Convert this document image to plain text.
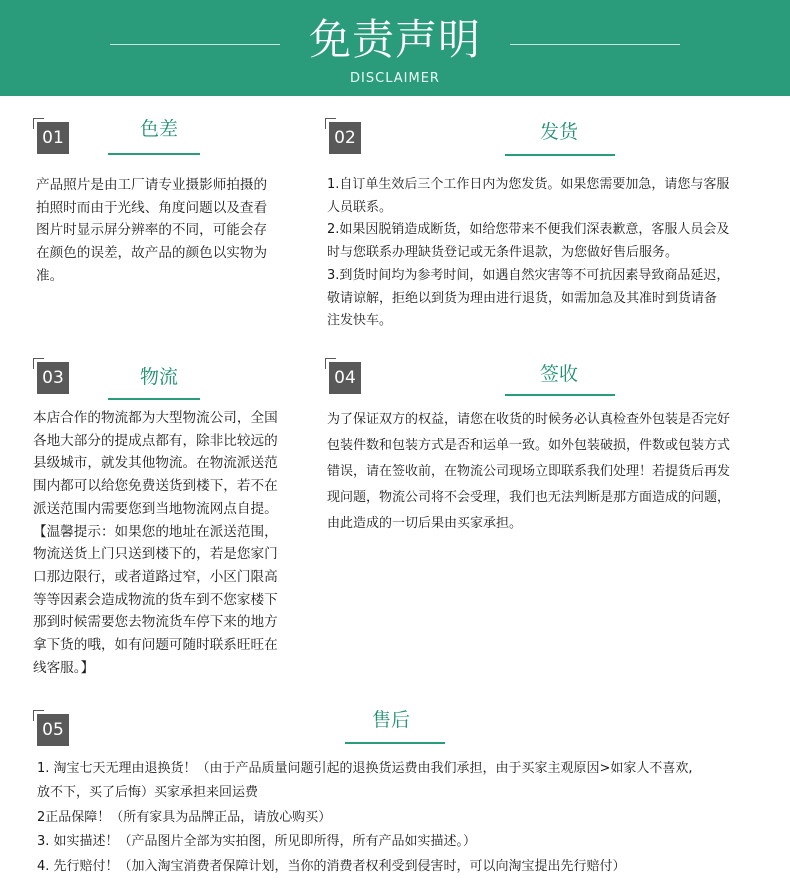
免责声明
DISCLAIMER
01	色差

产品照片是由工厂请专业摄影师拍摄的

拍照时而由于光线、角度问题以及查看

图片时显示屏分辨率的不同，可能会存

在颜色的误差，故产品的颜色以实物为

准。

02	发货

1.自订单生效后三个工作日内为您发货。如果您需要加急，请您与客服

人员联系。

2.如果因脱销造成断货，如给您带来不便我们深表歉意，客服人员会及

时与您联系办理缺货登记或无条件退款，为您做好售后服务。

3.到货时间均为参考时间，如遇自然灾害等不可抗因素导致商品延迟，

敬请谅解，拒绝以到货为理由进行退货，如需加急及其准时到货请备

注发快车。

03	物流

本店合作的物流都为大型物流公司，全国

各地大部分的提成点都有，除非比较远的

县级城市，就发其他物流。在物流派送范

围内都可以给您免费送货到楼下，若不在

派送范围内需要您到当地物流网点自提。

【温馨提示：如果您的地址在派送范围，

物流送货上门只送到楼下的，若是您家门

口那边限行，或者道路过窄，小区门限高

等等因素会造成物流的货车到不您家楼下

那到时候需要您去物流货车停下来的地方

拿下货的哦，如有问题可随时联系旺旺在

线客服。】

04	签收

为了保证双方的权益，请您在收货的时候务必认真检查外包装是否完好

包装件数和包装方式是否和运单一致。如外包装破损，件数或包装方式

错误，请在签收前，在物流公司现场立即联系我们处理！若提货后再发

现问题，物流公司将不会受理，我们也无法判断是那方面造成的问题，

由此造成的一切后果由买家承担。

05	售后

1. 淘宝七天无理由退换货！（由于产品质量问题引起的退换货运费由我们承担，由于买家主观原因>如家人不喜欢,

放不下，买了后悔）买家承担来回运费

2正品保障！（所有家具为品牌正品，请放心购买）

3. 如实描述！（产品图片全部为实拍图，所见即所得，所有产品如实描述。）

4. 先行赔付！（加入淘宝消费者保障计划，当你的消费者权利受到侵害时，可以向淘宝提出先行赔付）
